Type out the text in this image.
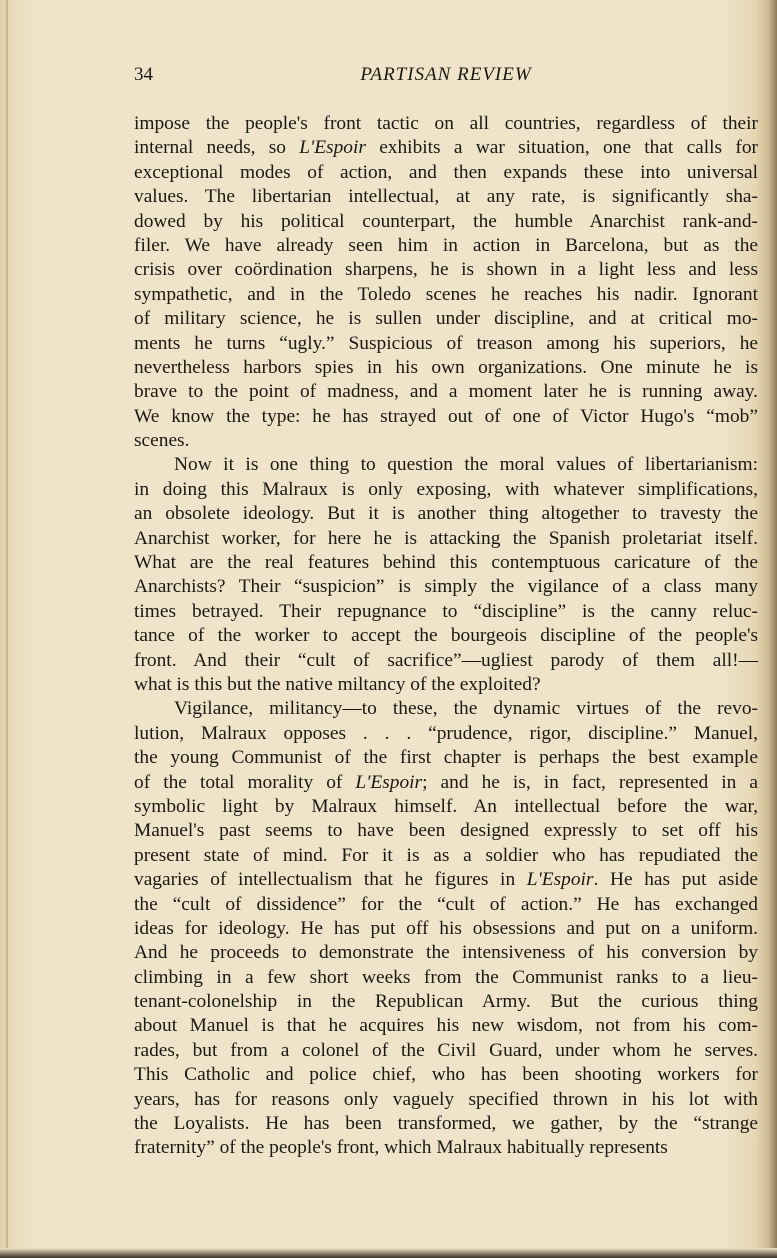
34	PARTISAN REVIEW
impose the people's front tactic on all countries, regardless of their
internal needs, so L'Espoir exhibits a war situation, one that calls for
exceptional modes of action, and then expands these into universal
values. The libertarian intellectual, at any rate, is significantly sha-
dowed by his political counterpart, the humble Anarchist rank-and-
filer. We have already seen him in action in Barcelona, but as the
crisis over coördination sharpens, he is shown in a light less and less
sympathetic, and in the Toledo scenes he reaches his nadir. Ignorant
of military science, he is sullen under discipline, and at critical mo-
ments he turns “ugly.” Suspicious of treason among his superiors, he
nevertheless harbors spies in his own organizations. One minute he is
brave to the point of madness, and a moment later he is running away.
We know the type: he has strayed out of one of Victor Hugo's “mob”
scenes.
Now it is one thing to question the moral values of libertarianism:
in doing this Malraux is only exposing, with whatever simplifications,
an obsolete ideology. But it is another thing altogether to travesty the
Anarchist worker, for here he is attacking the Spanish proletariat itself.
What are the real features behind this contemptuous caricature of the
Anarchists? Their “suspicion” is simply the vigilance of a class many
times betrayed. Their repugnance to “discipline” is the canny reluc-
tance of the worker to accept the bourgeois discipline of the people's
front. And their “cult of sacrifice”—ugliest parody of them all!—
what is this but the native miltancy of the exploited?
Vigilance, militancy—to these, the dynamic virtues of the revo-
lution, Malraux opposes . . . “prudence, rigor, discipline.” Manuel,
the young Communist of the first chapter is perhaps the best example
of the total morality of L'Espoir; and he is, in fact, represented in a
symbolic light by Malraux himself. An intellectual before the war,
Manuel's past seems to have been designed expressly to set off his
present state of mind. For it is as a soldier who has repudiated the
vagaries of intellectualism that he figures in L'Espoir. He has put aside
the “cult of dissidence” for the “cult of action.” He has exchanged
ideas for ideology. He has put off his obsessions and put on a uniform.
And he proceeds to demonstrate the intensiveness of his conversion by
climbing in a few short weeks from the Communist ranks to a lieu-
tenant-colonelship in the Republican Army. But the curious thing
about Manuel is that he acquires his new wisdom, not from his com-
rades, but from a colonel of the Civil Guard, under whom he serves.
This Catholic and police chief, who has been shooting workers for
years, has for reasons only vaguely specified thrown in his lot with
the Loyalists. He has been transformed, we gather, by the “strange
fraternity” of the people's front, which Malraux habitually represents
